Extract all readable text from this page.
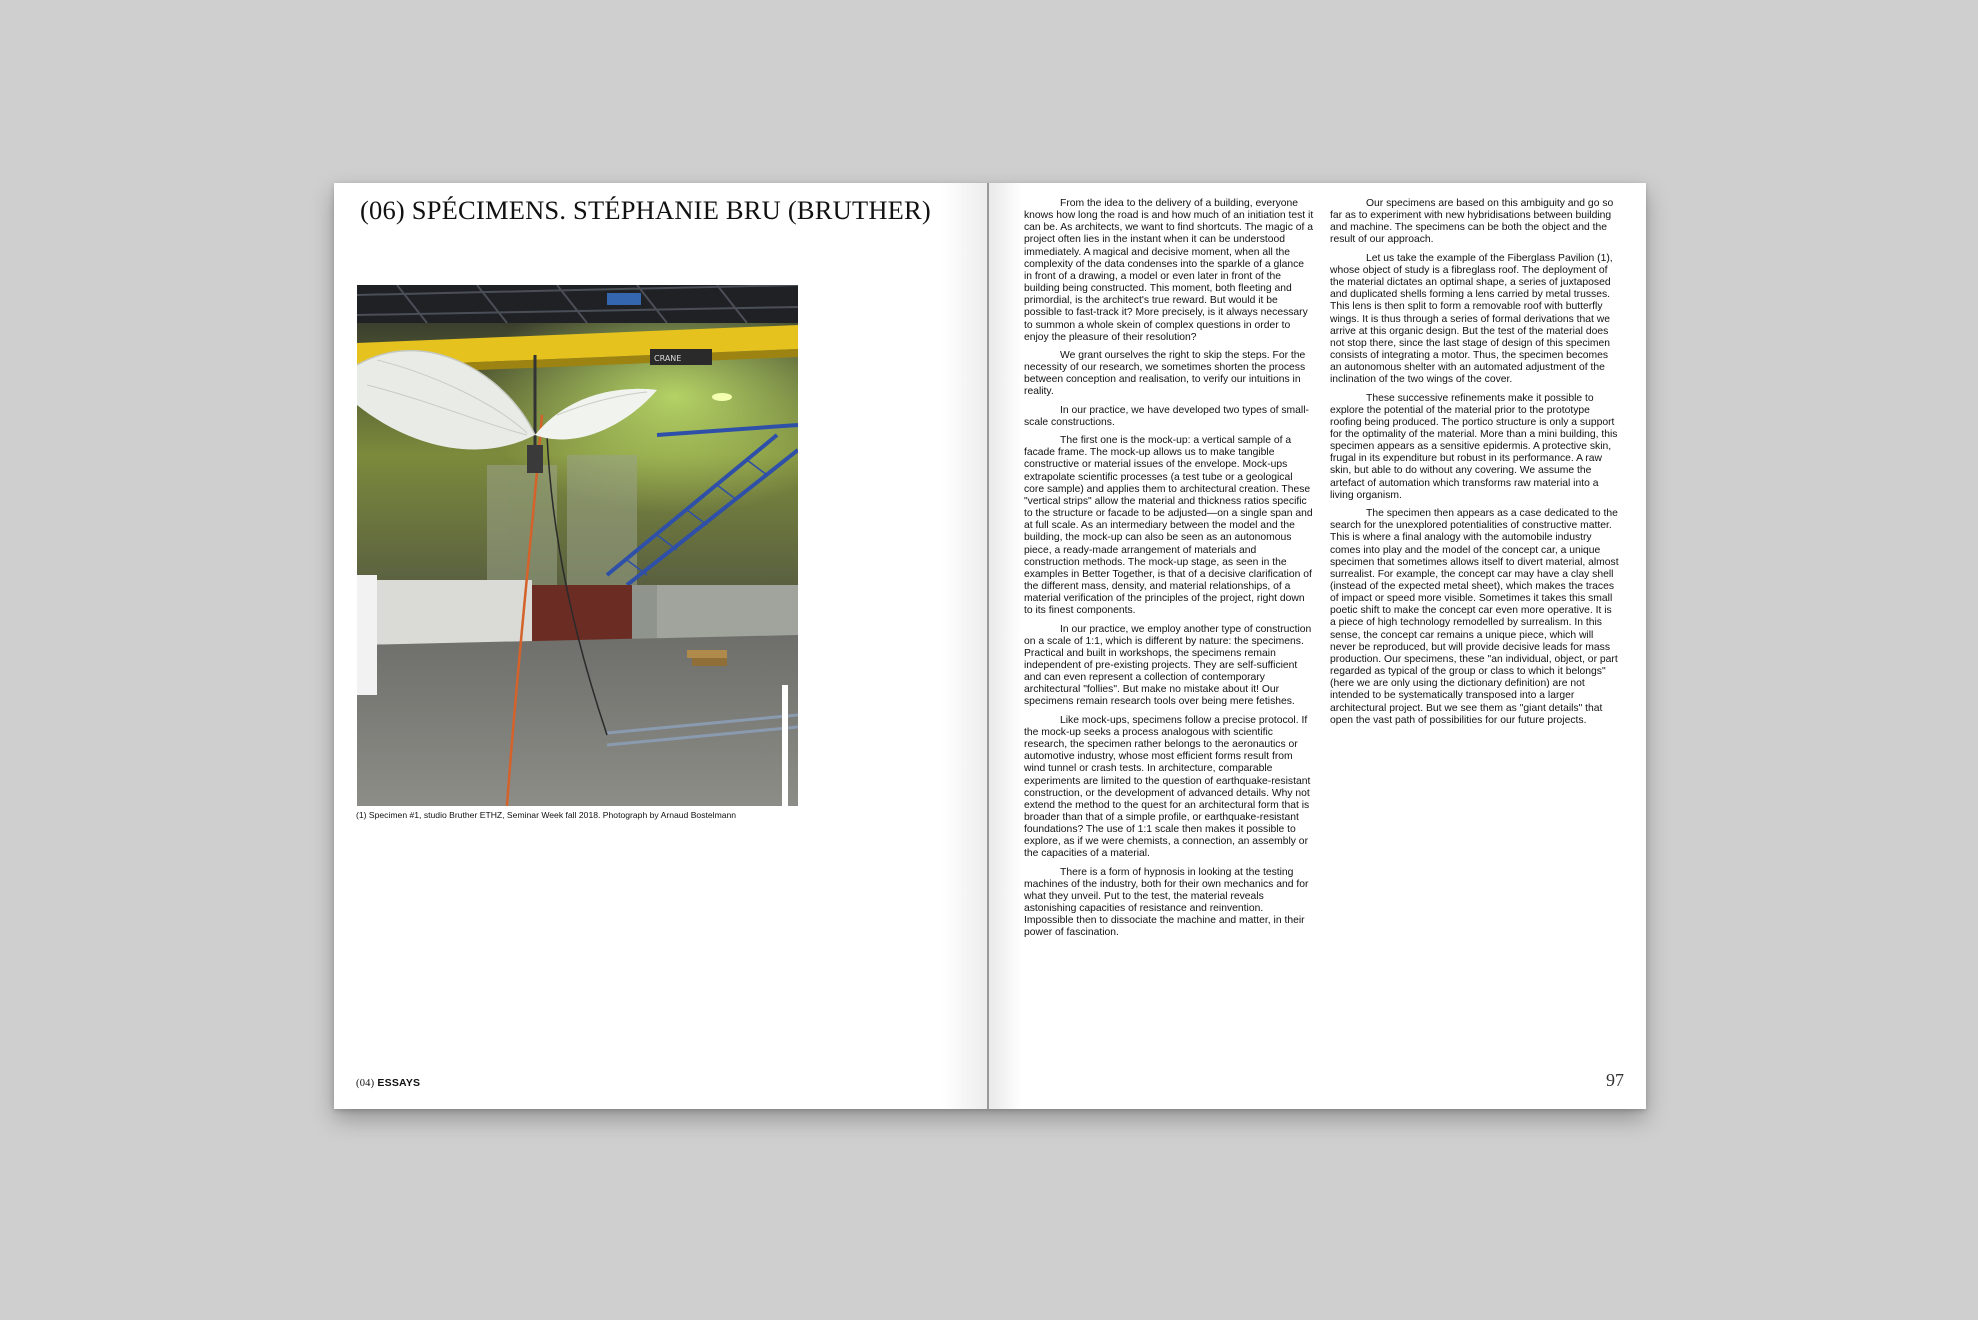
(06) SPÉCIMENS. STÉPHANIE BRU (BRUTHER)
CRANE

(1) Specimen #1, studio Bruther ETHZ, Seminar Week fall 2018. Photograph by Arnaud Bostelmann

(04) ESSAYS

From the idea to the delivery of a building, everyone knows how long the road is and how much of an initiation test it can be. As architects, we want to find shortcuts. The magic of a project often lies in the instant when it can be understood immediately. A magical and decisive moment, when all the complexity of the data condenses into the sparkle of a glance in front of a drawing, a model or even later in front of the building being constructed. This moment, both fleeting and primordial, is the architect's true reward. But would it be possible to fast-track it? More precisely, is it always necessary to summon a whole skein of complex questions in order to enjoy the pleasure of their resolution?

We grant ourselves the right to skip the steps. For the necessity of our research, we sometimes shorten the process between conception and realisation, to verify our intuitions in reality.

In our practice, we have developed two types of small-scale constructions.

The first one is the mock-up: a vertical sample of a facade frame. The mock-up allows us to make tangible constructive or material issues of the envelope. Mock-ups extrapolate scientific processes (a test tube or a geological core sample) and applies them to architectural creation. These "vertical strips" allow the material and thickness ratios specific to the structure or facade to be adjusted—on a single span and at full scale. As an intermediary between the model and the building, the mock-up can also be seen as an autonomous piece, a ready-made arrangement of materials and construction methods. The mock-up stage, as seen in the examples in Better Together, is that of a decisive clarification of the different mass, density, and material relationships, of a material verification of the principles of the project, right down to its finest components.

In our practice, we employ another type of construction on a scale of 1:1, which is different by nature: the specimens. Practical and built in workshops, the specimens remain independent of pre-existing projects. They are self-sufficient and can even represent a collection of contemporary architectural "follies". But make no mistake about it! Our specimens remain research tools over being mere fetishes.

Like mock-ups, specimens follow a precise protocol. If the mock-up seeks a process analogous with scientific research, the specimen rather belongs to the aeronautics or automotive industry, whose most efficient forms result from wind tunnel or crash tests. In architecture, comparable experiments are limited to the question of earthquake-resistant construction, or the development of advanced details. Why not extend the method to the quest for an architectural form that is broader than that of a simple profile, or earthquake-resistant foundations? The use of 1:1 scale then makes it possible to explore, as if we were chemists, a connection, an assembly or the capacities of a material.

There is a form of hypnosis in looking at the testing machines of the industry, both for their own mechanics and for what they unveil. Put to the test, the material reveals astonishing capacities of resistance and reinvention. Impossible then to dissociate the machine and matter, in their power of fascination.

Our specimens are based on this ambiguity and go so far as to experiment with new hybridisations between building and machine. The specimens can be both the object and the result of our approach.

Let us take the example of the Fiberglass Pavilion (1), whose object of study is a fibreglass roof. The deployment of the material dictates an optimal shape, a series of juxtaposed and duplicated shells forming a lens carried by metal trusses. This lens is then split to form a removable roof with butterfly wings. It is thus through a series of formal derivations that we arrive at this organic design. But the test of the material does not stop there, since the last stage of design of this specimen consists of integrating a motor. Thus, the specimen becomes an autonomous shelter with an automated adjustment of the inclination of the two wings of the cover.

These successive refinements make it possible to explore the potential of the material prior to the prototype roofing being produced. The portico structure is only a support for the optimality of the material. More than a mini building, this specimen appears as a sensitive epidermis. A protective skin, frugal in its expenditure but robust in its performance. A raw skin, but able to do without any covering. We assume the artefact of automation which transforms raw material into a living organism.

The specimen then appears as a case dedicated to the search for the unexplored potentialities of constructive matter. This is where a final analogy with the automobile industry comes into play and the model of the concept car, a unique specimen that sometimes allows itself to divert material, almost surrealist. For example, the concept car may have a clay shell (instead of the expected metal sheet), which makes the traces of impact or speed more visible. Sometimes it takes this small poetic shift to make the concept car even more operative. It is a piece of high technology remodelled by surrealism. In this sense, the concept car remains a unique piece, which will never be reproduced, but will provide decisive leads for mass production. Our specimens, these "an individual, object, or part regarded as typical of the group or class to which it belongs" (here we are only using the dictionary definition) are not intended to be systematically transposed into a larger architectural project. But we see them as "giant details" that open the vast path of possibilities for our future projects.

97
